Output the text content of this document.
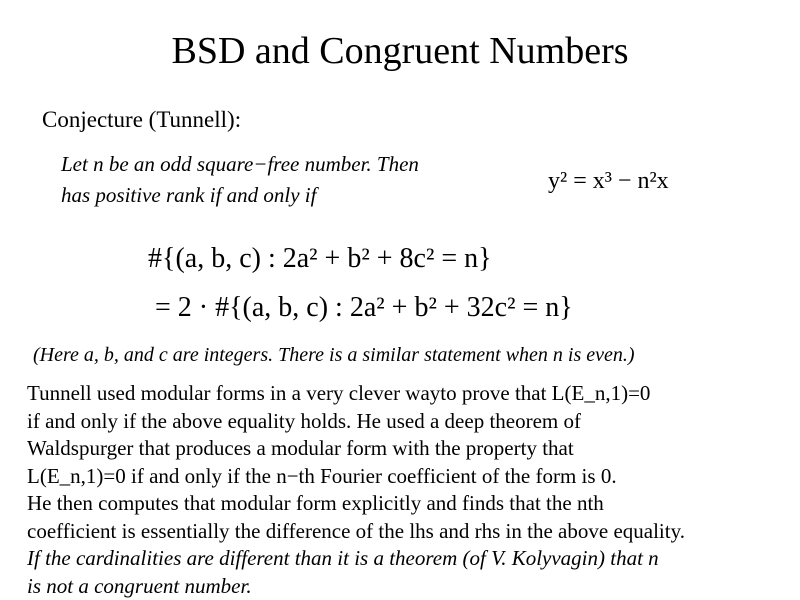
BSD and Congruent Numbers
Conjecture (Tunnell):
Let n be an odd square−free number. Then
has positive rank if and only if
y² = x³ − n²x
#{(a, b, c) : 2a² + b² + 8c² = n}
= 2 · #{(a, b, c) : 2a² + b² + 32c² = n}
(Here a, b, and c are integers. There is a similar statement when n is even.)
Tunnell used modular forms in a very clever wayto prove that L(E_n,1)=0
if and only if the above equality holds. He used a deep theorem of
Waldspurger that produces a modular form with the property that
L(E_n,1)=0 if and only if the n−th Fourier coefficient of the form is 0.
He then computes that modular form explicitly and finds that the nth
coefficient is essentially the difference of the lhs and rhs in the above equality.
If the cardinalities are different than it is a theorem (of V. Kolyvagin) that n
is not a congruent number.
